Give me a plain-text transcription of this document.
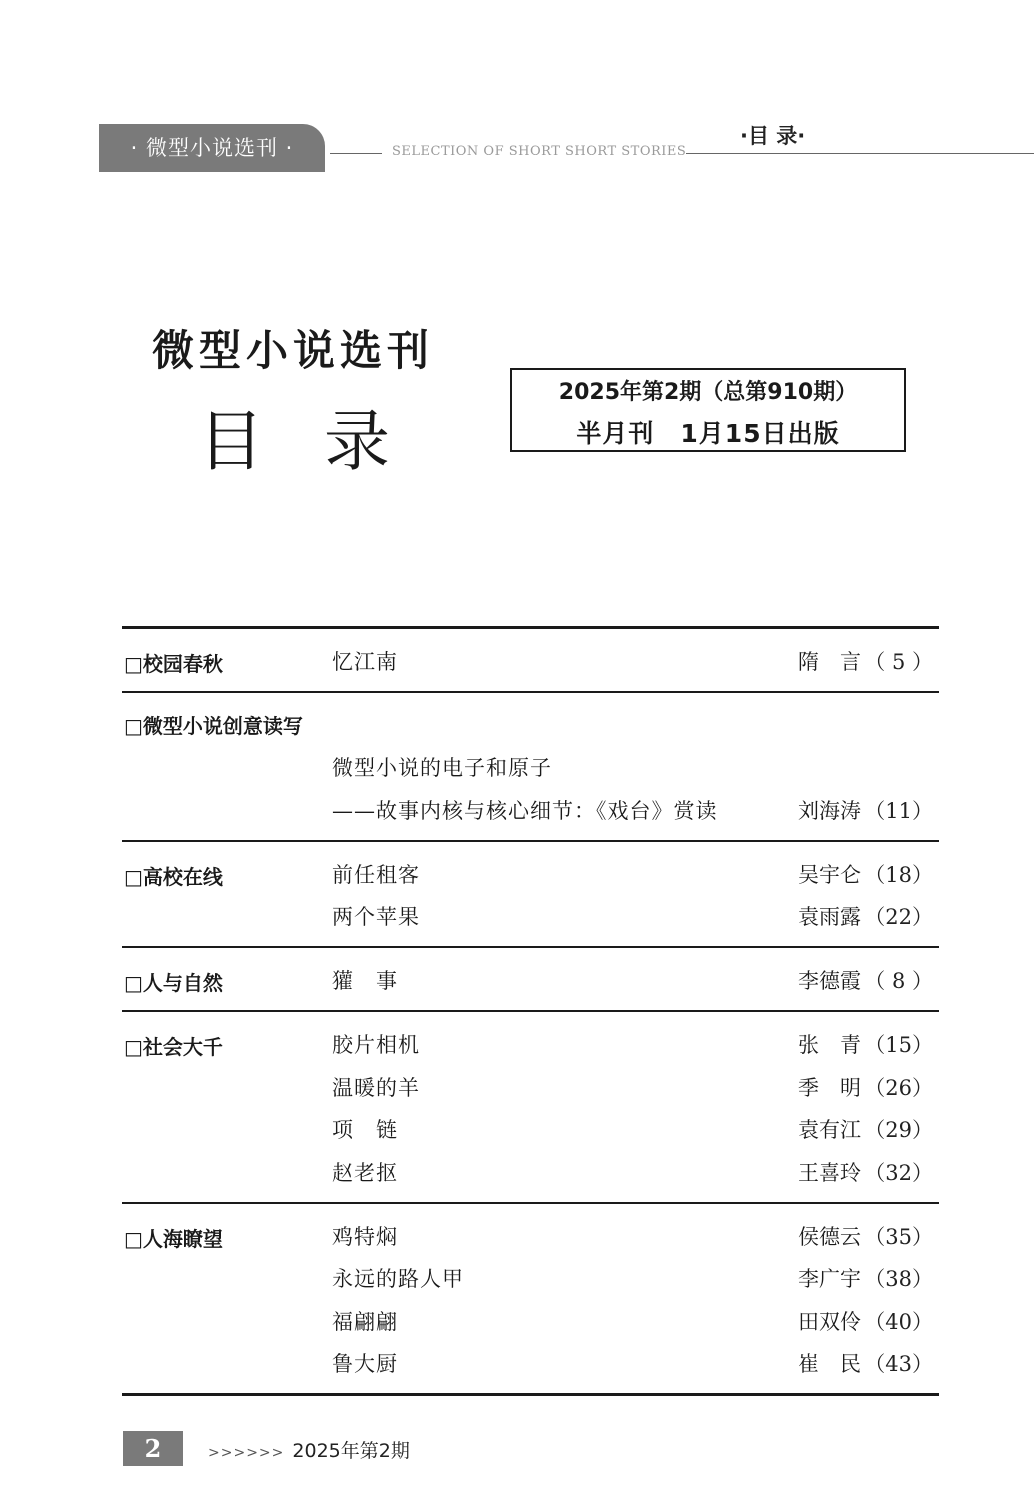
· 微型小说选刊 ·	SELECTION OF SHORT SHORT STORIES
·目 录·
微型小说选刊
目录
2025年第2期（总第910期）
半月刊　1月15日出版
□校园春秋	忆江南	隋　言 （ 5 ）
□微型小说创意读写
微型小说的电子和原子
——故事内核与核心细节：《戏台》赏读	刘海涛 （11）
□高校在线	前任租客	吴宇仑 （18）
两个苹果	袁雨露 （22）
□人与自然	獾　事	李德霞 （ 8 ）
□社会大千	胶片相机	张　青 （15）
温暖的羊	季　明 （26）
项　链	袁有江 （29）
赵老抠	王喜玲 （32）
□人海瞭望	鸡特焖	侯德云 （35）
永远的路人甲	李广宇 （38）
福翩翩	田双伶 （40）
鲁大厨	崔　民 （43）
2	>>>>>> 2025年第2期
